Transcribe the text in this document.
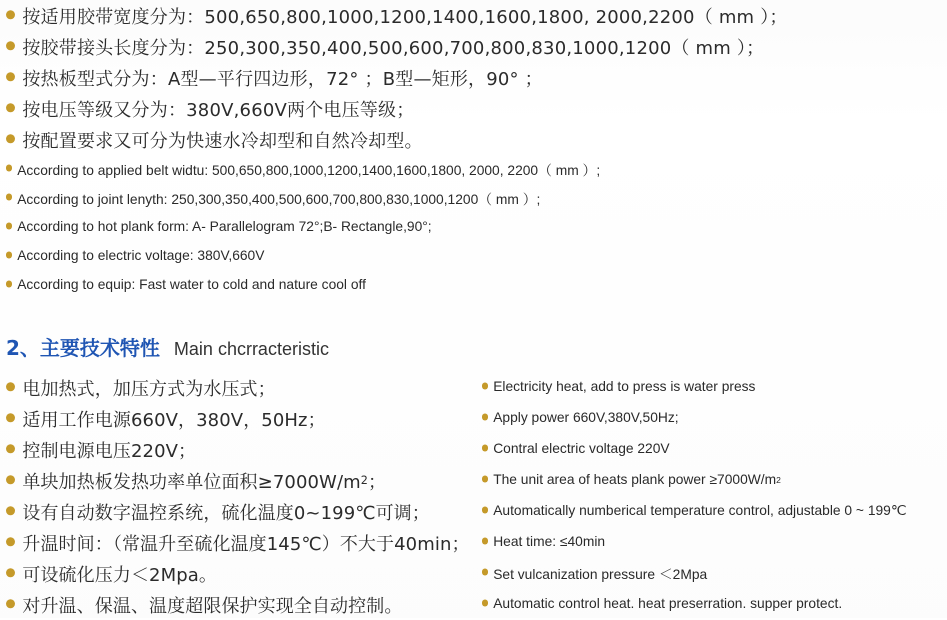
按适用胶带宽度分为：500,650,800,1000,1200,1400,1600,1800, 2000,2200（ mm ）；
按胶带接头长度分为：250,300,350,400,500,600,700,800,830,1000,1200（ mm ）；
按热板型式分为：A型—平行四边形，72° ；B型—矩形，90° ；
按电压等级又分为：380V,660V两个电压等级；
按配置要求又可分为快速水冷却型和自然冷却型。
According to applied belt widtu: 500,650,800,1000,1200,1400,1600,1800, 2000, 2200（ mm ）;
According to joint lenyth: 250,300,350,400,500,600,700,800,830,1000,1200（ mm ）;
According to hot plank form: A- Parallelogram 72°;B- Rectangle,90°;
According to electric voltage: 380V,660V
According to equip: Fast water to cold and nature cool off
2、主要技术特性 Main chcrracteristic
电加热式，加压方式为水压式；
适用工作电源660V，380V，50Hz；
控制电源电压220V；
单块加热板发热功率单位面积≥7000W/m 2 ；
设有自动数字温控系统，硫化温度0~199℃可调；
升温时间：（常温升至硫化温度145℃）不大于40min；
可设硫化压力＜2Mpa。
对升温、保温、温度超限保护实现全自动控制。
Electricity heat, add to press is water press
Apply power 660V,380V,50Hz;
Contral electric voltage 220V
The unit area of heats plank power ≥7000W/m 2
Automatically numberical temperature control, adjustable 0 ~ 199℃
Heat time: ≤40min
Set vulcanization pressure ＜2Mpa
Automatic control heat. heat preserration. supper protect.
